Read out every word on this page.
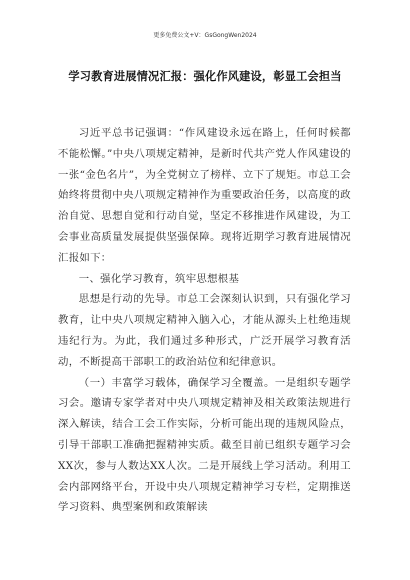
更多免费公文+V：GsGongWen2024
学习教育进展情况汇报：强化作风建设，彰显工会担当

习近平总书记强调：“作风建设永远在路上，任何时候都不能松懈。”中央八项规定精神，是新时代共产党人作风建设的一张“金色名片”，为全党树立了榜样、立下了规矩。市总工会始终将贯彻中央八项规定精神作为重要政治任务，以高度的政治自觉、思想自觉和行动自觉，坚定不移推进作风建设，为工会事业高质量发展提供坚强保障。现将近期学习教育进展情况汇报如下：

一、强化学习教育，筑牢思想根基

思想是行动的先导。市总工会深刻认识到，只有强化学习教育，让中央八项规定精神入脑入心，才能从源头上杜绝违规违纪行为。为此，我们通过多种形式，广泛开展学习教育活动，不断提高干部职工的政治站位和纪律意识。

（一）丰富学习载体，确保学习全覆盖。一是组织专题学习会。邀请专家学者对中央八项规定精神及相关政策法规进行深入解读，结合工会工作实际，分析可能出现的违规风险点，引导干部职工准确把握精神实质。截至目前已组织专题学习会XX次，参与人数达XX人次。二是开展线上学习活动。利用工会内部网络平台，开设中央八项规定精神学习专栏，定期推送学习资料、典型案例和政策解读
